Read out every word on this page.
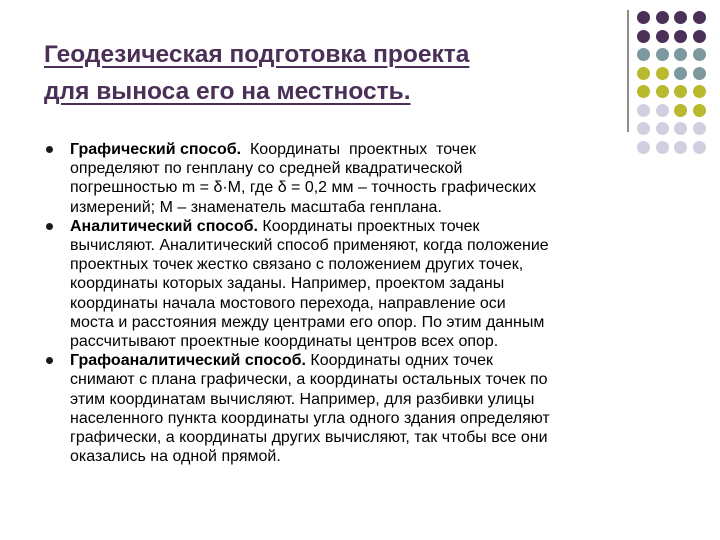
Геодезическая подготовка проекта
для выноса его на местность.
Графический способ.  Координаты  проектных  точек
определяют по генплану со средней квадратической
погрешностью m = δ·M, где δ = 0,2 мм – точность графических
измерений; M – знаменатель масштаба генплана.
Аналитический способ. Координаты проектных точек
вычисляют. Аналитический способ применяют, когда положение
проектных точек жестко связано с положением других точек,
координаты которых заданы. Например, проектом заданы
координаты начала мостового перехода, направление оси
моста и расстояния между центрами его опор. По этим данным
рассчитывают проектные координаты центров всех опор.
Графоаналитический способ. Координаты одних точек
снимают с плана графически, а координаты остальных точек по
этим координатам вычисляют. Например, для разбивки улицы
населенного пункта координаты угла одного здания определяют
графически, а координаты других вычисляют, так чтобы все они
оказались на одной прямой.
